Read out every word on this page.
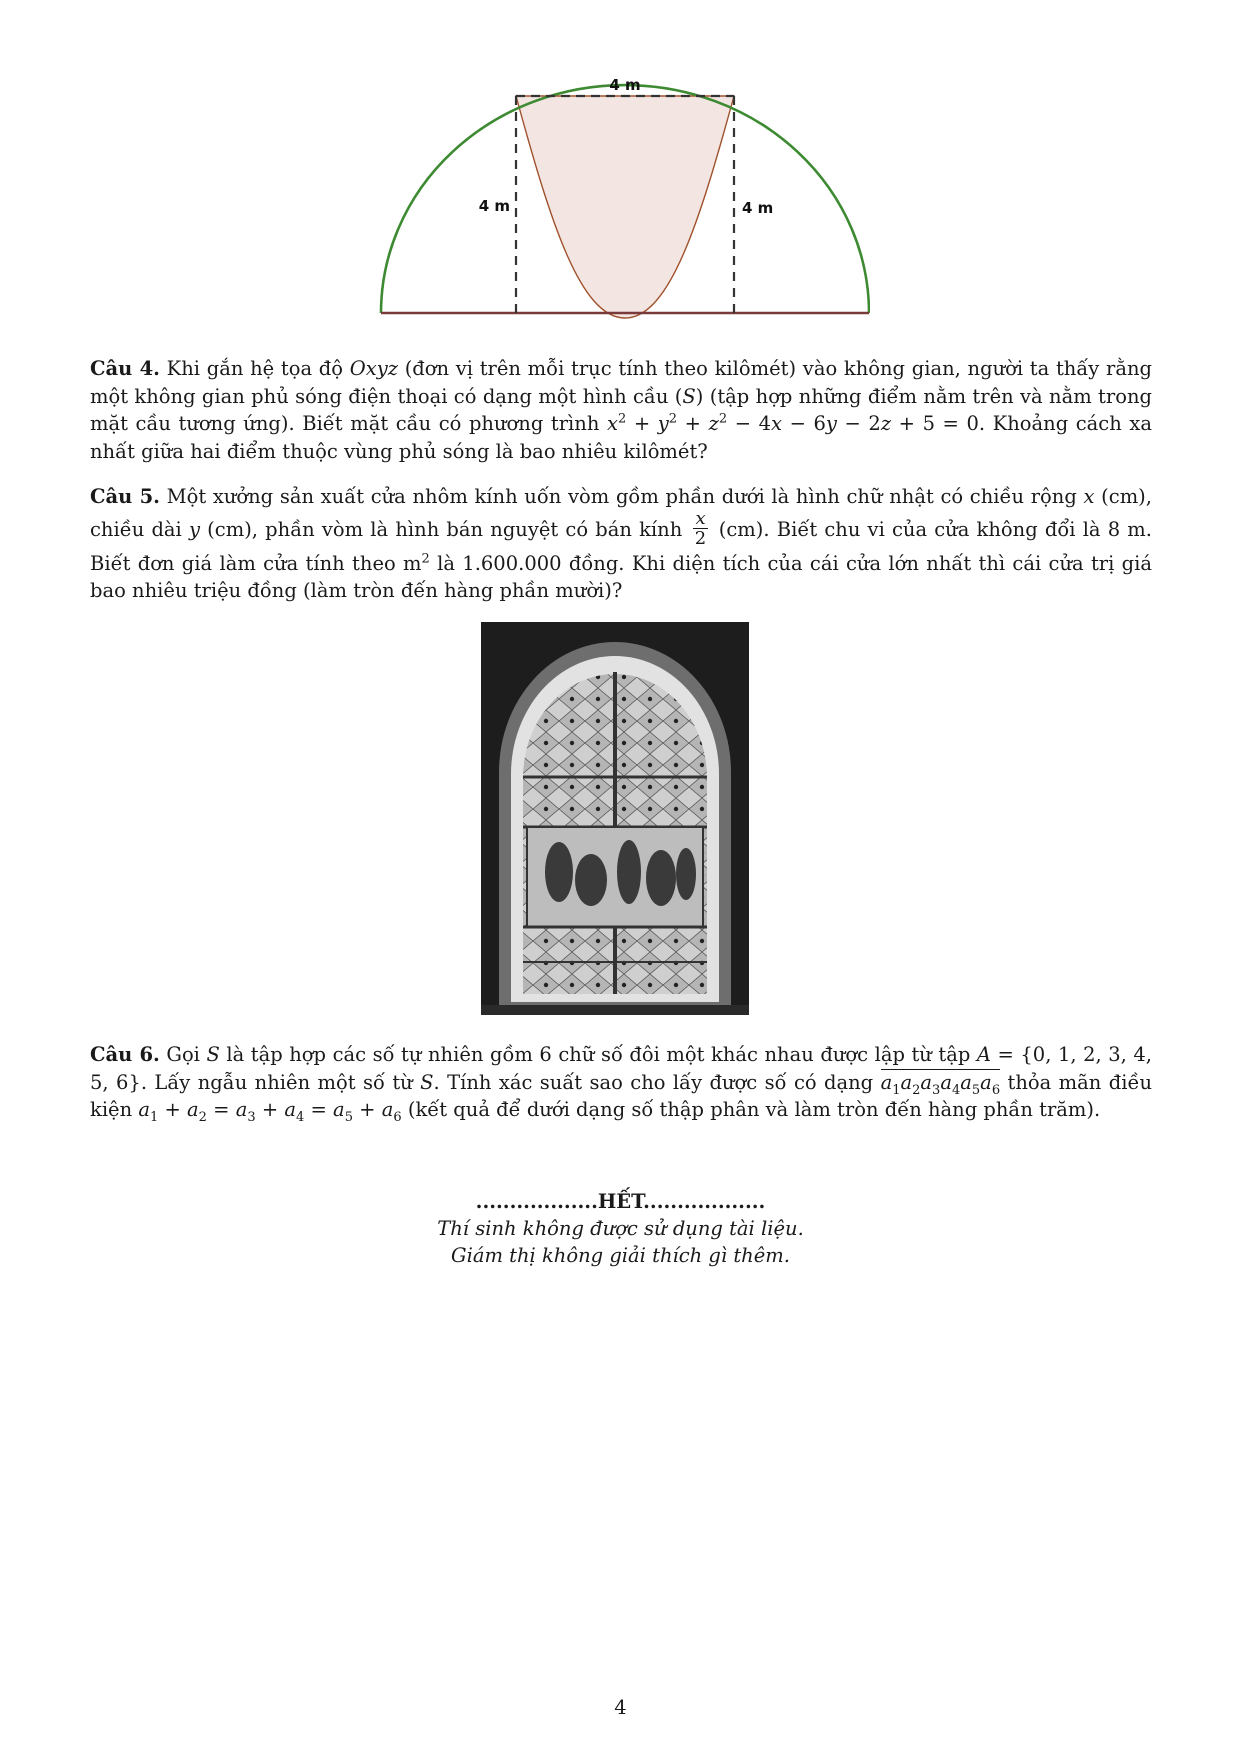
4 m
4 m	4 m
Câu 4. Khi gắn hệ tọa độ Oxyz (đơn vị trên mỗi trục tính theo kilômét) vào không gian, người ta thấy rằng một không gian phủ sóng điện thoại có dạng một hình cầu (S) (tập hợp những điểm nằm trên và nằm trong mặt cầu tương ứng). Biết mặt cầu có phương trình $x^2 + y^2 + z^2 - 4x - 6y - 2z + 5 = 0$. Khoảng cách xa nhất giữa hai điểm thuộc vùng phủ sóng là bao nhiêu kilômét?
Câu 5. Một xưởng sản xuất cửa nhôm kính uốn vòm gồm phần dưới là hình chữ nhật có chiều rộng x (cm), chiều dài y (cm), phần vòm là hình bán nguyệt có bán kính $\frac{x}{2} (cm)$. Biết chu vi của cửa không đổi là 8 m. Biết đơn giá làm cửa tính theo $m^2$ là 1.600.000 đồng. Khi diện tích của cái cửa lớn nhất thì cái cửa trị giá bao nhiêu triệu đồng (làm tròn đến hàng phần mười)?
Câu 6. Gọi S là tập hợp các số tự nhiên gồm 6 chữ số đôi một khác nhau được lập từ tập A = {0, 1, 2, 3, 4, 5, 6}. Lấy ngẫu nhiên một số từ S. Tính xác suất sao cho lấy được số có dạng $a_1a_2a_3a_4a_5a_6$ thỏa mãn điều kiện $a_1 + a_2 = a_3 + a_4 = a_5 + a_6$ (kết quả để dưới dạng số thập phân và làm tròn đến hàng phần trăm).
..................HẾT..................
Thí sinh không được sử dụng tài liệu.
Giám thị không giải thích gì thêm.
4
